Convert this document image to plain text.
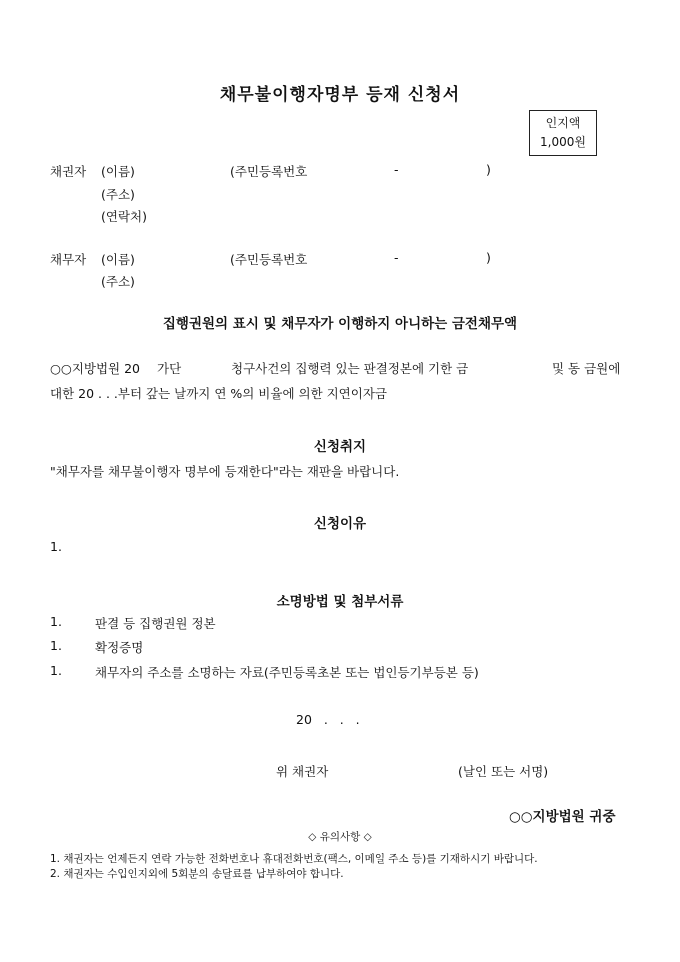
채무불이행자명부 등재 신청서
인지액
1,000원
채권자 (이름)	(주민등록번호	-	)
(주소)
(연락처)
채무자 (이름)	(주민등록번호	-	)
(주소)
집행권원의 표시 및 채무자가 이행하지 아니하는 금전채무액
○○지방법원 20 가단	청구사건의 집행력 있는 판결정본에 기한 금	및 동 금원에
대한 20 . . .부터 갚는 날까지 연 %의 비율에 의한 지연이자금
신청취지
"채무자를 채무불이행자 명부에 등재한다"라는 재판을 바랍니다.
신청이유
1.
소명방법 및 첨부서류
1.	판결 등 집행권원 정본
1.	확정증명
1.	채무자의 주소를 소명하는 자료(주민등록초본 또는 법인등기부등본 등)
20   .   .   .
위 채권자	(날인 또는 서명)
○○지방법원 귀중
◇ 유의사항 ◇
1. 채권자는 언제든지 연락 가능한 전화번호나 휴대전화번호(팩스, 이메일 주소 등)를 기재하시기 바랍니다.
2. 채권자는 수입인지외에 5회분의 송달료를 납부하여야 합니다.
